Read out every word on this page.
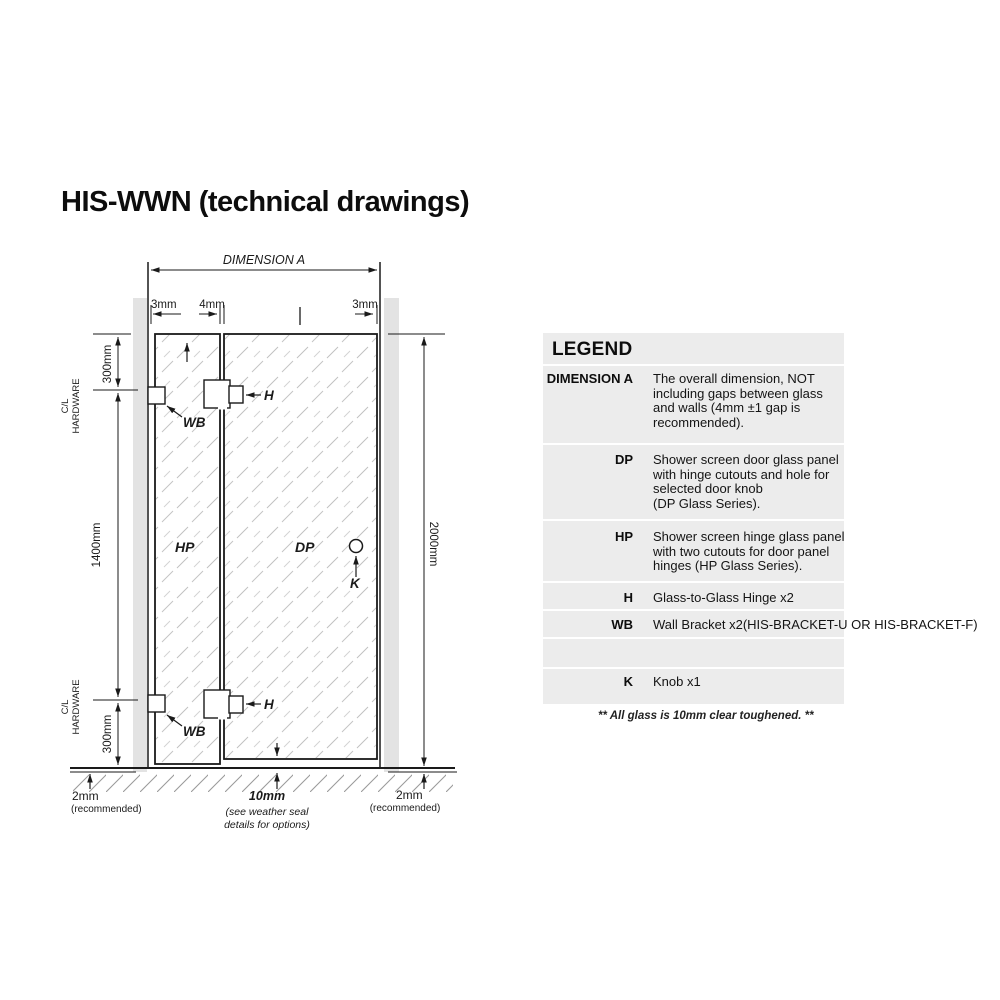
HIS-WWN (technical drawings)
DIMENSION A
3mm 4mm	3mm
300mm
1400mm
300mm
C/L HARDWARE
C/L HARDWARE
2000mm
H
WB
H
WB
HP	DP
K
2mm
(recommended)
10mm
(see weather seal
details for options)
2mm
(recommended)
LEGEND
DIMENSION A The overall dimension, NOT
including gaps between glass
and walls (4mm ±1 gap is
recommended).
DP Shower screen door glass panel
with hinge cutouts and hole for
selected door knob
(DP Glass Series).
HP Shower screen hinge glass panel
with two cutouts for door panel
hinges (HP Glass Series).
H Glass-to-Glass Hinge x2
WB Wall Bracket x2(HIS-BRACKET-U OR HIS-BRACKET-F)
K Knob x1
** All glass is 10mm clear toughened. **
